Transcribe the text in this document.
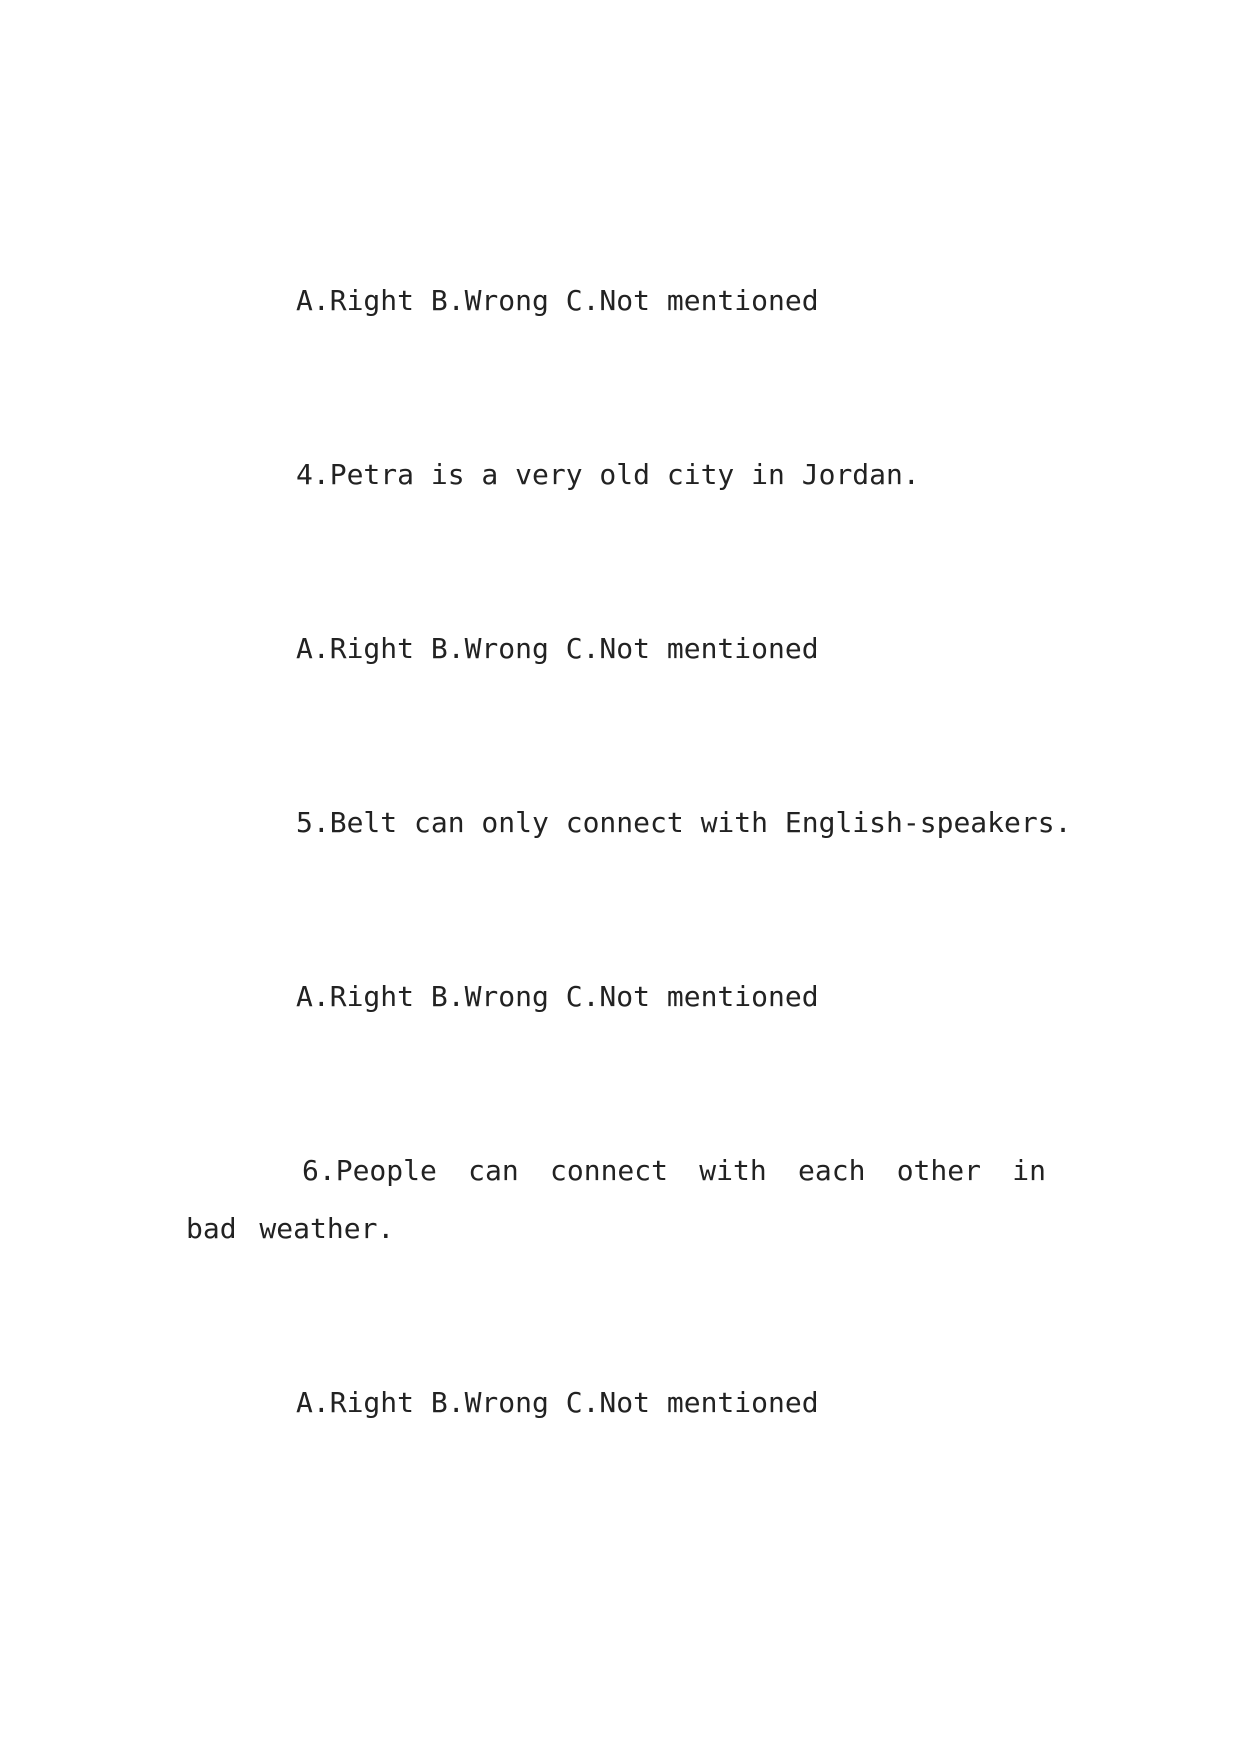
A.Right B.Wrong C.Not mentioned
4.Petra is a very old city in Jordan.
A.Right B.Wrong C.Not mentioned
5.Belt can only connect with English-speakers.
A.Right B.Wrong C.Not mentioned
6.People can connect with each other in bad weather.
A.Right B.Wrong C.Not mentioned
